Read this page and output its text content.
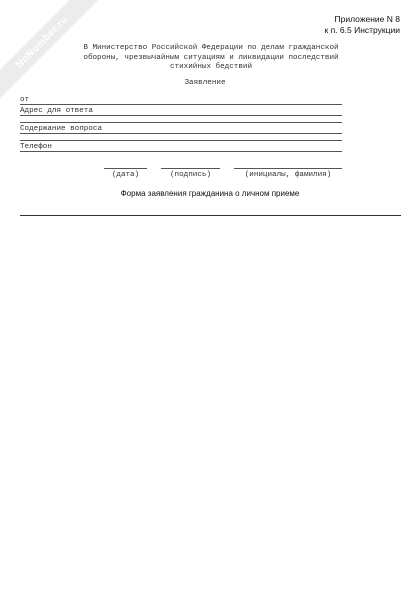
NoNumber.ru	Приложение N 8
к п. 6.5 Инструкции
В Министерство Российской Федерации по делам гражданской
обороны, чрезвычайным ситуациям и ликвидации последствий
стихийных бедствий
Заявление
от
Адрес для ответа
Содержание вопроса
Телефон
(дата)	(подпись)	(инициалы, фамилия)
Форма заявления гражданина о личном приеме
